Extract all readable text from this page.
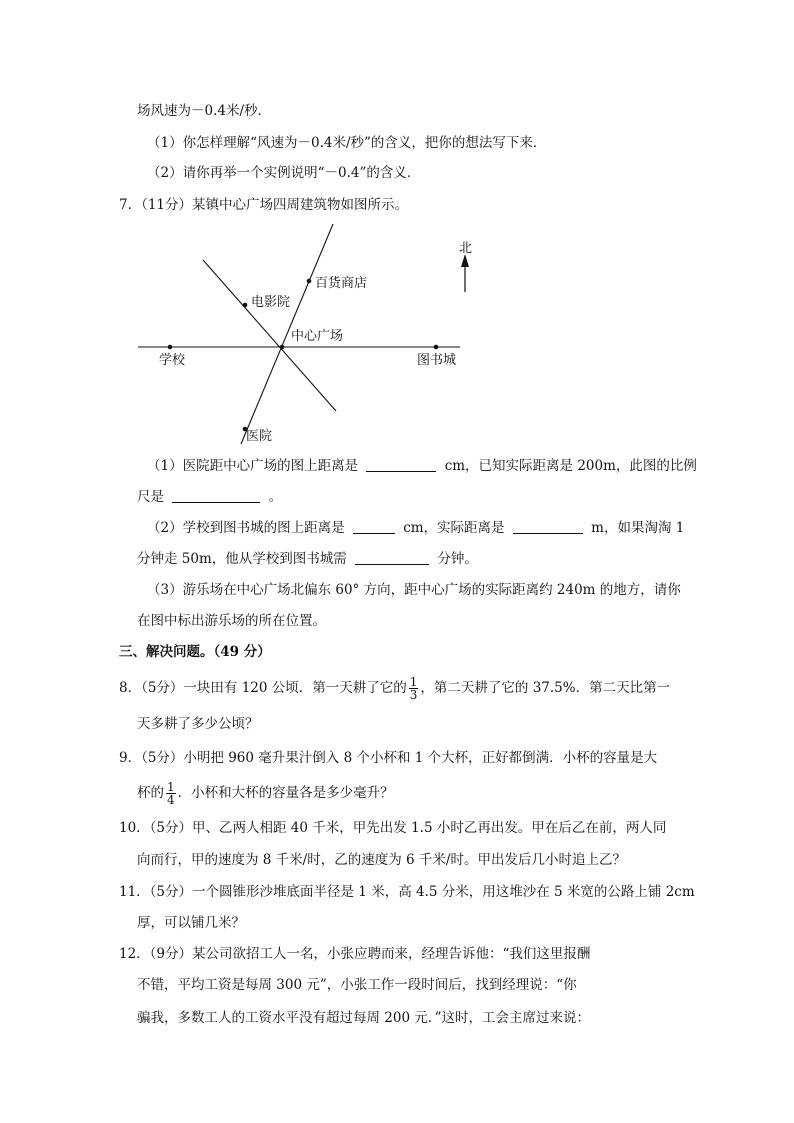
场风速为－0.4米/秒．
（1）你怎样理解“风速为－0.4米/秒”的含义，把你的想法写下来．
（2）请你再举一个实例说明“－0.4”的含义．
7．（11分）某镇中心广场四周建筑物如图所示。
北
百货商店
电影院
中心广场
学校	图书城
医院
（1）医院距中心广场的图上距离是	cm，已知实际距离是 200m，此图的比例
尺是	。
（2）学校到图书城的图上距离是	cm，实际距离是	m，如果淘淘 1
分钟走 50m，他从学校到图书城需	分钟。
（3）游乐场在中心广场北偏东 60° 方向，距中心广场的实际距离约 240m 的地方，请你
在图中标出游乐场的所在位置。
三、解决问题。（49 分）
8．（5分）一块田有 120 公顷．第一天耕了它的 $\frac{1}{3}$ ，第二天耕了它的 37.5%．第二天比第一
天多耕了多少公顷？
9．（5分）小明把 960 毫升果汁倒入 8 个小杯和 1 个大杯，正好都倒满．小杯的容量是大
杯的 $\frac{1}{4}$ ．小杯和大杯的容量各是多少毫升？
10．（5分）甲、乙两人相距 40 千米，甲先出发 1.5 小时乙再出发。甲在后乙在前，两人同
向而行，甲的速度为 8 千米/时，乙的速度为 6 千米/时。甲出发后几小时追上乙？
11．（5分）一个圆锥形沙堆底面半径是 1 米，高 4.5 分米，用这堆沙在 5 米宽的公路上铺 2cm
厚，可以铺几米？
12．（9分）某公司欲招工人一名，小张应聘而来，经理告诉他：“我们这里报酬
不错，平均工资是每周 300 元”，小张工作一段时间后，找到经理说：“你
骗我，多数工人的工资水平没有超过每周 200 元．”这时，工会主席过来说：
